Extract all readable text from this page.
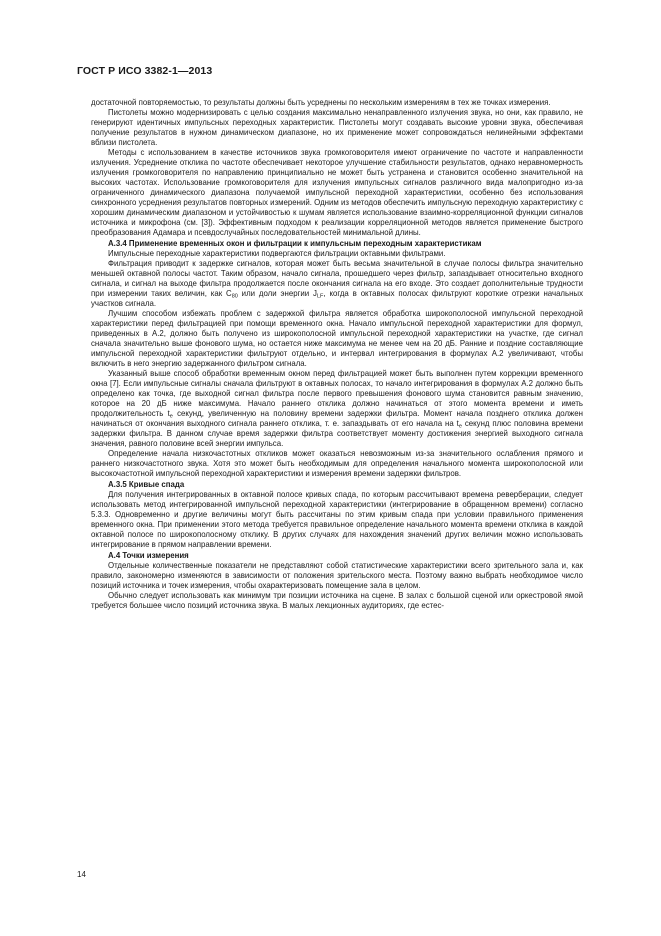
ГОСТ Р ИСО 3382-1—2013

достаточной повторяемостью, то результаты должны быть усреднены по нескольким измерениям в тех же точках измерения.

Пистолеты можно модернизировать с целью создания максимально ненаправленного излучения звука, но они, как правило, не генерируют идентичных импульсных переходных характеристик. Пистолеты могут создавать высокие уровни звука, обеспечивая получение результатов в нужном динамическом диапазоне, но их применение может сопровождаться нелинейными эффектами вблизи пистолета.

Методы с использованием в качестве источников звука громкоговорителя имеют ограничение по частоте и направленности излучения. Усреднение отклика по частоте обеспечивает некоторое улучшение стабильности результатов, однако неравномерность излучения громкоговорителя по направлению принципиально не может быть устранена и становится особенно значительной на высоких частотах. Использование громкоговорителя для излучения импульсных сигналов различного вида малопригодно из-за ограниченного динамического диапазона получаемой импульсной переходной характеристики, особенно без использования синхронного усреднения результатов повторных измерений. Одним из методов обеспечить импульсную переходную характеристику с хорошим динамическим диапазоном и устойчивостью к шумам является использование взаимно-корреляционной функции сигналов источника и микрофона (см. [3]). Эффективным подходом к реализации корреляционной методов является применение быстрого преобразования Адамара и псевдослучайных последовательностей минимальной длины.

А.3.4 Применение временных окон и фильтрации к импульсным переходным характеристикам

Импульсные переходные характеристики подвергаются фильтрации октавными фильтрами.

Фильтрация приводит к задержке сигналов, которая может быть весьма значительной в случае полосы фильтра значительно меньшей октавной полосы частот. Таким образом, начало сигнала, прошедшего через фильтр, запаздывает относительно входного сигнала, и сигнал на выходе фильтра продолжается после окончания сигнала на его входе. Это создает дополнительные трудности при измерении таких величин, как $C_{80}$ или доли энергии $J_{LF}$, когда в октавных полосах фильтруют короткие отрезки начальных участков сигнала.

Лучшим способом избежать проблем с задержкой фильтра является обработка широкополосной импульсной переходной характеристики перед фильтрацией при помощи временного окна. Начало импульсной переходной характеристики для формул, приведенных в А.2, должно быть получено из широкополосной импульсной переходной характеристики на участке, где сигнал сначала значительно выше фонового шума, но остается ниже максимума не менее чем на 20 дБ. Ранние и поздние составляющие импульсной переходной характеристики фильтруют отдельно, и интервал интегрирования в формулах А.2 увеличивают, чтобы включить в него энергию задержанного фильтром сигнала.

Указанный выше способ обработки временным окном перед фильтрацией может быть выполнен путем коррекции временного окна [7]. Если импульсные сигналы сначала фильтруют в октавных полосах, то начало интегрирования в формулах А.2 должно быть определено как точка, где выходной сигнал фильтра после первого превышения фонового шума становится равным значению, которое на 20 дБ ниже максимума. Начало раннего отклика должно начинаться от этого момента времени и иметь продолжительность $t_e$ секунд, увеличенную на половину времени задержки фильтра. Момент начала позднего отклика должен начинаться от окончания выходного сигнала раннего отклика, т. е. запаздывать от его начала на $t_e$ секунд плюс половина времени задержки фильтра. В данном случае время задержки фильтра соответствует моменту достижения энергией выходного сигнала значения, равного половине всей энергии импульса.

Определение начала низкочастотных откликов может оказаться невозможным из-за значительного ослабления прямого и раннего низкочастотного звука. Хотя это может быть необходимым для определения начального момента широкополосной или высокочастотной импульсной переходной характеристики и измерения времени задержки фильтров.

А.3.5 Кривые спада

Для получения интегрированных в октавной полосе кривых спада, по которым рассчитывают времена реверберации, следует использовать метод интегрированной импульсной переходной характеристики (интегрирование в обращенном времени) согласно 5.3.3. Одновременно и другие величины могут быть рассчитаны по этим кривым спада при условии правильного применения временного окна. При применении этого метода требуется правильное определение начального момента времени отклика в каждой октавной полосе по широкополосному отклику. В других случаях для нахождения значений других величин можно использовать интегрирование в прямом направлении времени.

А.4 Точки измерения

Отдельные количественные показатели не представляют собой статистические характеристики всего зрительного зала и, как правило, закономерно изменяются в зависимости от положения зрительского места. Поэтому важно выбрать необходимое число позиций источника и точек измерения, чтобы охарактеризовать помещение зала в целом.

Обычно следует использовать как минимум три позиции источника на сцене. В залах с большой сценой или оркестровой ямой требуется большее число позиций источника звука. В малых лекционных аудиториях, где естес-

14
